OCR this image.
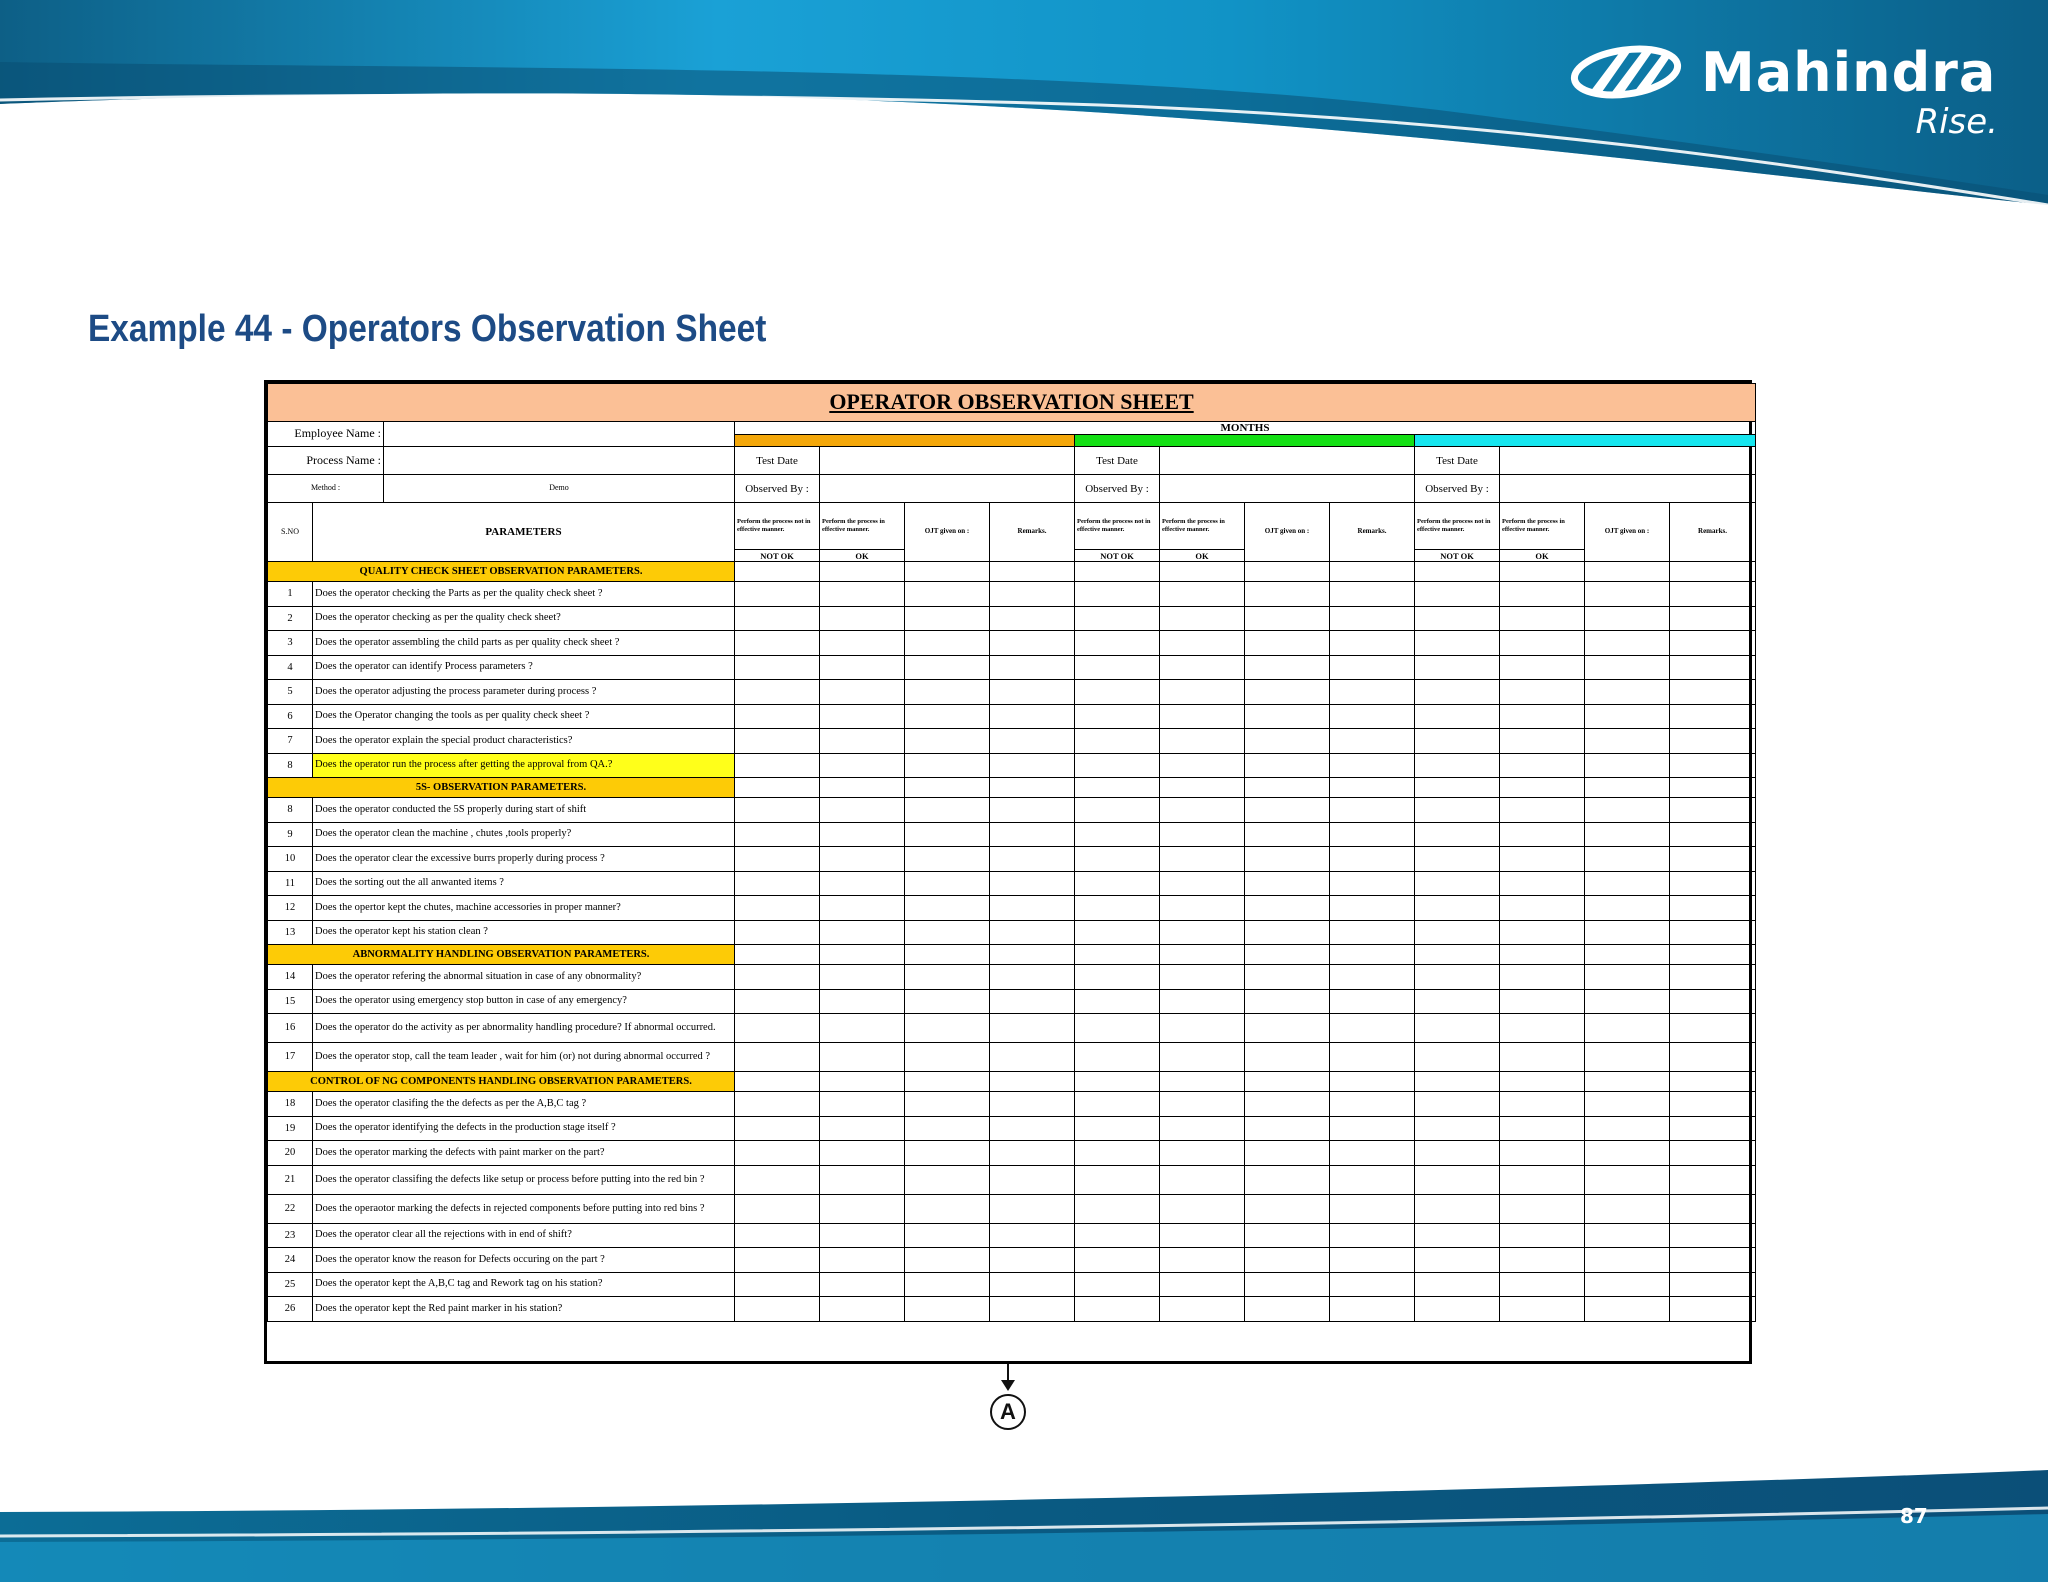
Mahindra
Rise.
Example 44 - Operators Observation Sheet
OPERATOR OBSERVATION SHEET														
Employee Name :			MONTHS											

Process Name :			Test Date				Test Date				Test Date			
Method :		Demo	Observed By :				Observed By :				Observed By :			
S.NO	PARAMETERS		Perform the process not in effective manner.	Perform the process in effective manner.	OJT given on :	Remarks.	Perform the process not in effective manner.	Perform the process in effective manner.	OJT given on :	Remarks.	Perform the process not in effective manner.	Perform the process in effective manner.	OJT given on :	Remarks.
			NOT OK	OK			NOT OK	OK			NOT OK	OK		
QUALITY CHECK SHEET OBSERVATION PARAMETERS.														
1	Does the operator checking the Parts as per the quality check sheet ?													
2	Does the operator checking as per the quality check sheet?													
3	Does the operator assembling the child parts as per quality check sheet ?													
4	Does the operator can identify Process parameters ?													
5	Does the operator adjusting the process parameter during process ?													
6	Does the Operator changing the tools as per quality check sheet ?													
7	Does the operator explain the special product characteristics?													
8	Does the operator run the process after getting the approval from QA.?													
5S- OBSERVATION PARAMETERS.														
8	Does the operator conducted the 5S properly during start of shift													
9	Does the operator clean the machine , chutes ,tools properly?													
10	Does the operator clear the excessive burrs properly during process ?													
11	Does the sorting out the all anwanted items ?													
12	Does the opertor kept the chutes, machine accessories in proper manner?													
13	Does the operator kept his station clean ?													
ABNORMALITY HANDLING OBSERVATION PARAMETERS.														
14	Does the operator refering the abnormal situation in case of any obnormality?													
15	Does the operator using emergency stop button in case of any emergency?													
16	Does the operator do the activity as per abnormality handling procedure? If abnormal occurred.													
17	Does the operator stop, call the team leader , wait for him (or) not during abnormal occurred ?													
CONTROL OF NG COMPONENTS HANDLING OBSERVATION PARAMETERS.														
18	Does the operator clasifing the the defects as per the A,B,C tag ?													
19	Does the operator identifying the defects in the production stage itself ?													
20	Does the operator marking the defects with paint marker on the part?													
21	Does the operator classifing the defects like setup or process before putting into the red bin ?													
22	Does the operaotor marking the defects in rejected components before putting into red bins ?													
23	Does the operator clear all the rejections with in end of shift?													
24	Does the operator know the reason for Defects occuring on the part ?													
25	Does the operator kept the A,B,C tag and Rework tag on his station?													
26	Does the operator kept the Red paint marker in his station?													
A
87
